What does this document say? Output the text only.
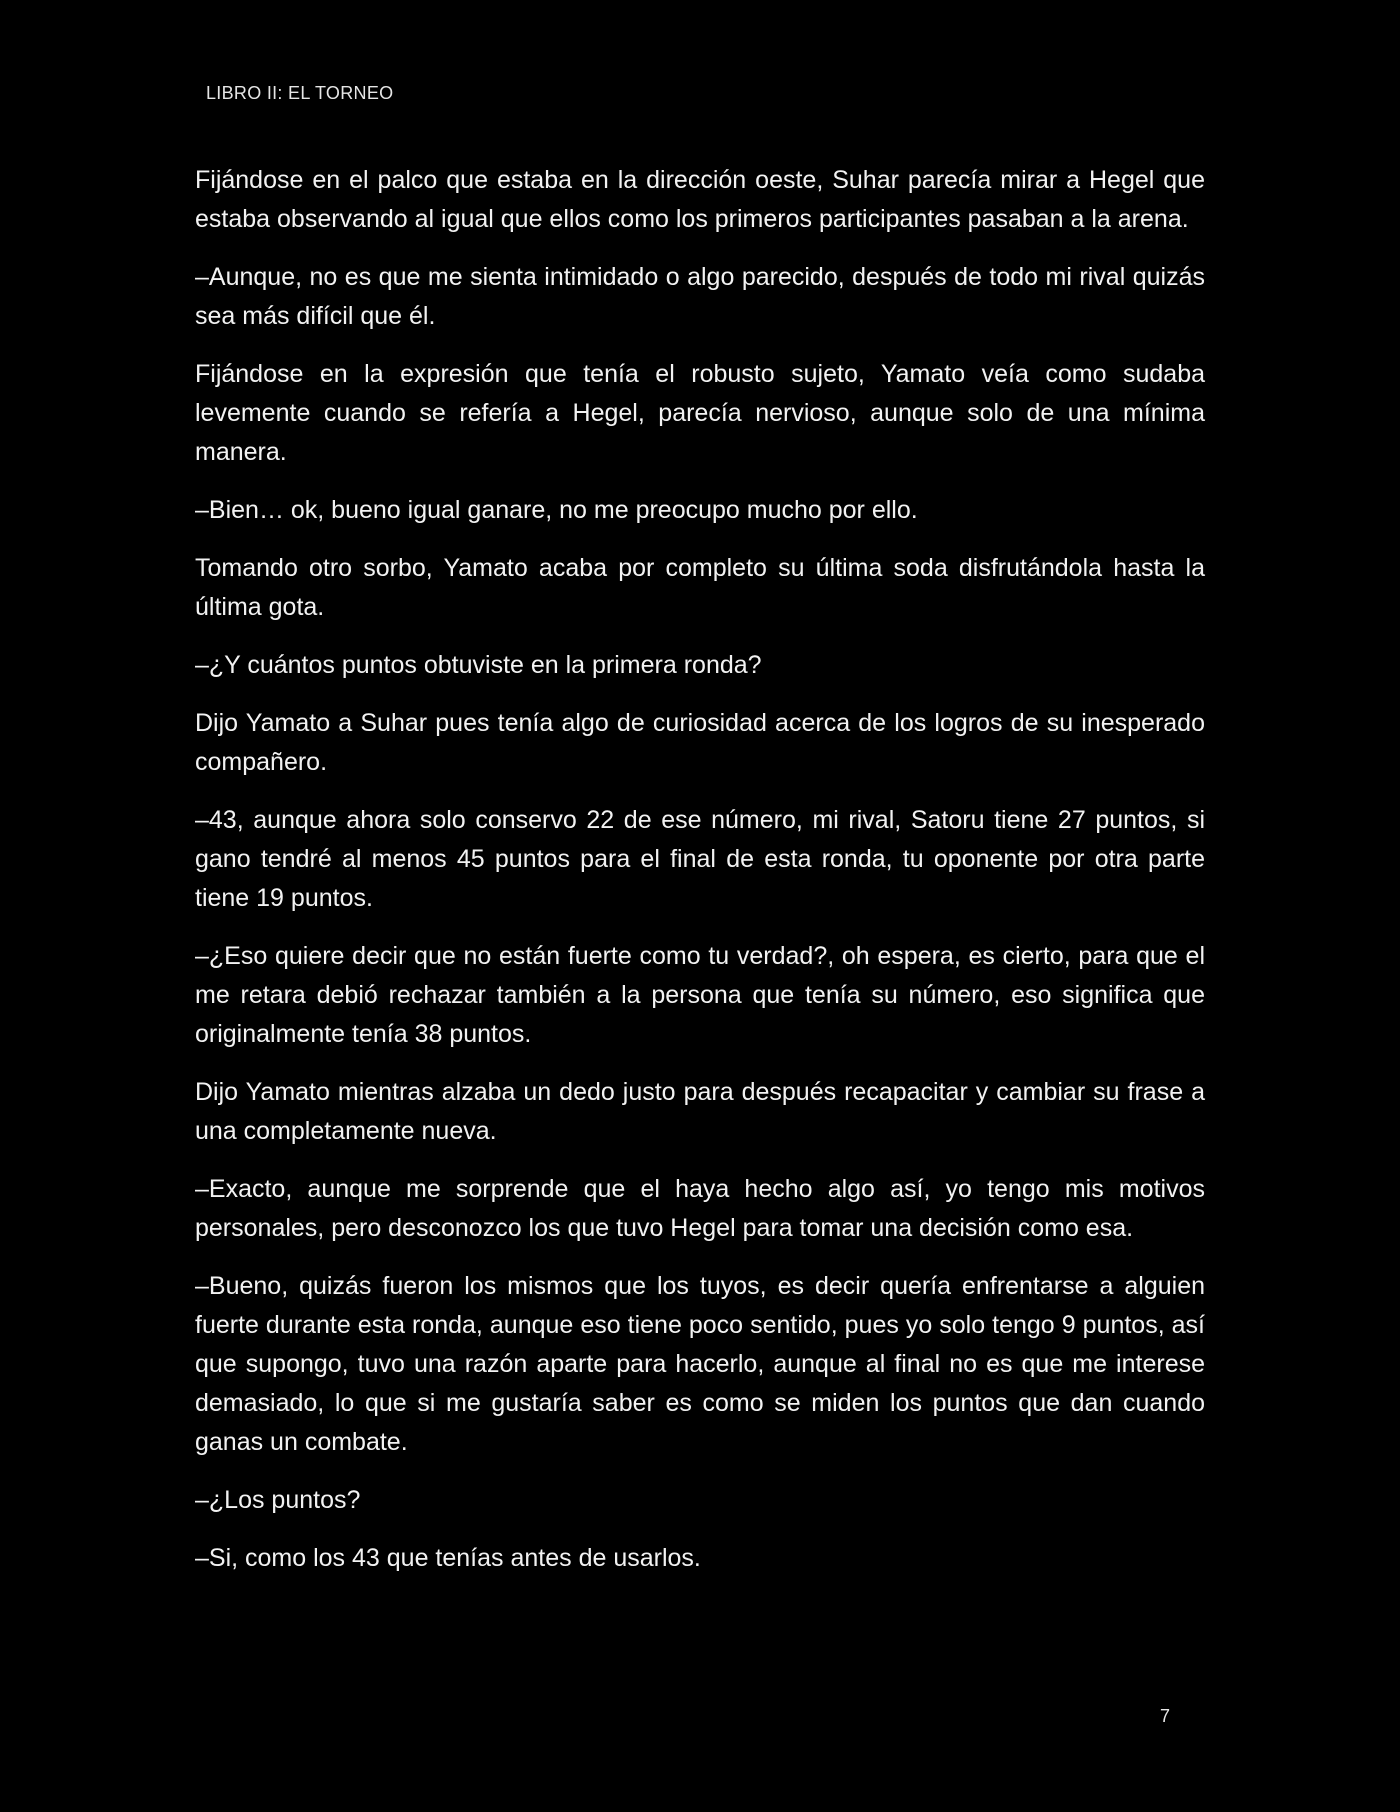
LIBRO II: EL TORNEO

Fijándose en el palco que estaba en la dirección oeste, Suhar parecía mirar a Hegel que estaba observando al igual que ellos como los primeros participantes pasaban a la arena.

–Aunque, no es que me sienta intimidado o algo parecido, después de todo mi rival quizás sea más difícil que él.

Fijándose en la expresión que tenía el robusto sujeto, Yamato veía como sudaba levemente cuando se refería a Hegel, parecía nervioso, aunque solo de una mínima manera.

–Bien… ok, bueno igual ganare, no me preocupo mucho por ello.

Tomando otro sorbo, Yamato acaba por completo su última soda disfrutándola hasta la última gota.

–¿Y cuántos puntos obtuviste en la primera ronda?

Dijo Yamato a Suhar pues tenía algo de curiosidad acerca de los logros de su inesperado compañero.

–43, aunque ahora solo conservo 22 de ese número, mi rival, Satoru tiene 27 puntos, si gano tendré al menos 45 puntos para el final de esta ronda, tu oponente por otra parte tiene 19 puntos.

–¿Eso quiere decir que no están fuerte como tu verdad?, oh espera, es cierto, para que el me retara debió rechazar también a la persona que tenía su número, eso significa que originalmente tenía 38 puntos.

Dijo Yamato mientras alzaba un dedo justo para después recapacitar y cambiar su frase a una completamente nueva.

–Exacto, aunque me sorprende que el haya hecho algo así, yo tengo mis motivos personales, pero desconozco los que tuvo Hegel para tomar una decisión como esa.

–Bueno, quizás fueron los mismos que los tuyos, es decir quería enfrentarse a alguien fuerte durante esta ronda, aunque eso tiene poco sentido, pues yo solo tengo 9 puntos, así que supongo, tuvo una razón aparte para hacerlo, aunque al final no es que me interese demasiado, lo que si me gustaría saber es como se miden los puntos que dan cuando ganas un combate.

–¿Los puntos?

–Si, como los 43 que tenías antes de usarlos.

7
